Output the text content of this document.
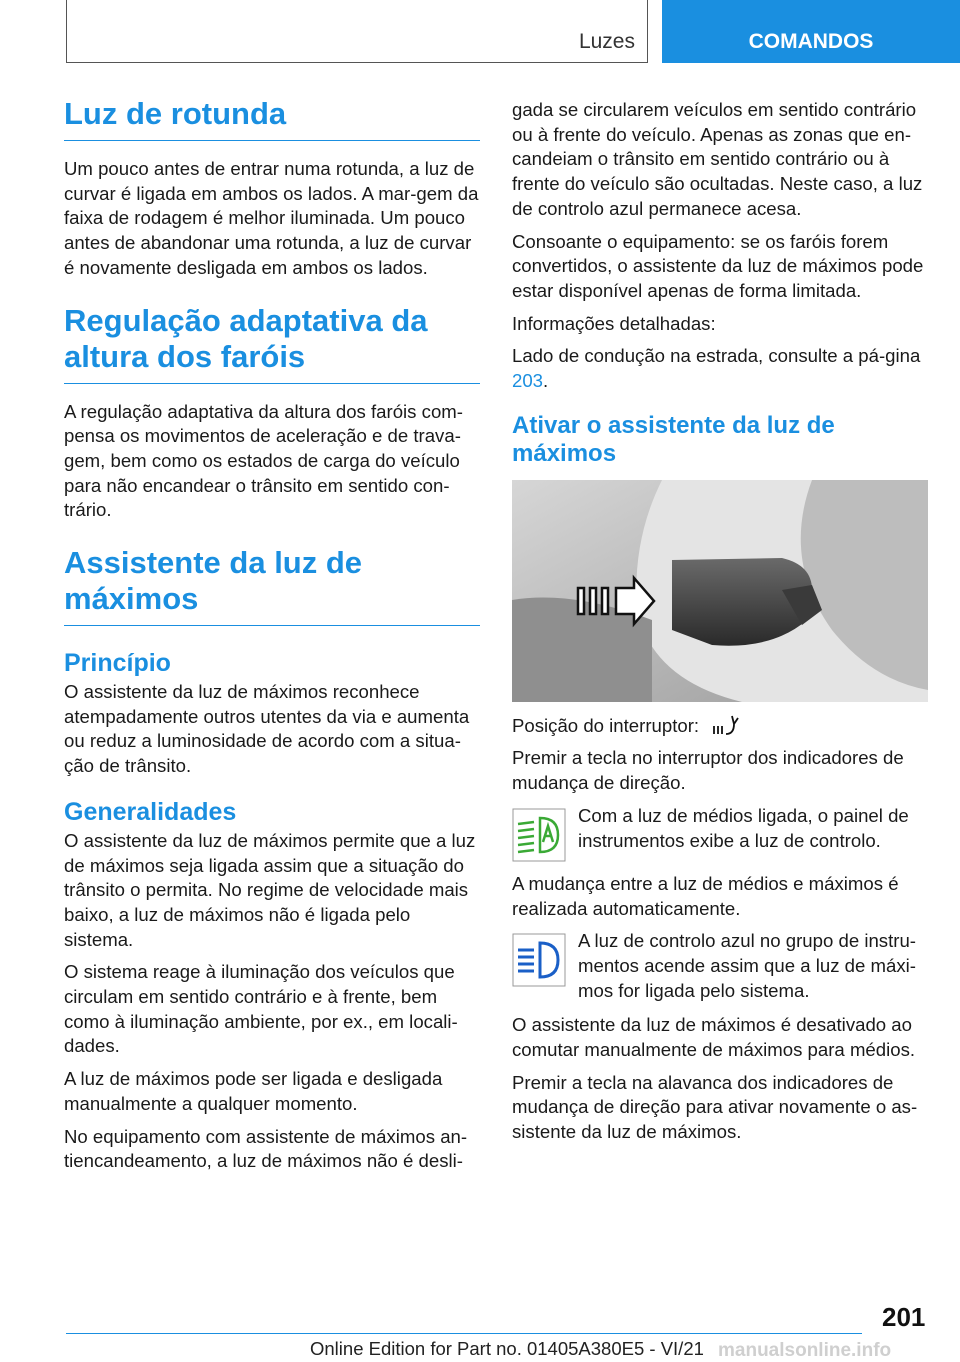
Luzes	COMANDOS
Luz de rotunda

Um pouco antes de entrar numa rotunda, a luz de curvar é ligada em ambos os lados. A mar-gem da faixa de rodagem é melhor iluminada. Um pouco antes de abandonar uma rotunda, a luz de curvar é novamente desligada em ambos os lados.

Regulação adaptativa da altura dos faróis

A regulação adaptativa da altura dos faróis com-pensa os movimentos de aceleração e de trava-gem, bem como os estados de carga do veículo para não encandear o trânsito em sentido con-trário.

Assistente da luz de máximos
Princípio

O assistente da luz de máximos reconhece atempadamente outros utentes da via e aumenta ou reduz a luminosidade de acordo com a situa-ção de trânsito.

Generalidades

O assistente da luz de máximos permite que a luz de máximos seja ligada assim que a situação do trânsito o permita. No regime de velocidade mais baixo, a luz de máximos não é ligada pelo sistema.

O sistema reage à iluminação dos veículos que circulam em sentido contrário e à frente, bem como à iluminação ambiente, por ex., em locali-dades.

A luz de máximos pode ser ligada e desligada manualmente a qualquer momento.

No equipamento com assistente de máximos an-tiencandeamento, a luz de máximos não é desli-

gada se circularem veículos em sentido contrário ou à frente do veículo. Apenas as zonas que en-candeiam o trânsito em sentido contrário ou à frente do veículo são ocultadas. Neste caso, a luz de controlo azul permanece acesa.

Consoante o equipamento: se os faróis forem convertidos, o assistente da luz de máximos pode estar disponível apenas de forma limitada.

Informações detalhadas:

Lado de condução na estrada, consulte a pá-gina 203.

Ativar o assistente da luz de máximos

Posição do interruptor:

Premir a tecla no interruptor dos indicadores de mudança de direção.

Com a luz de médios ligada, o painel de instrumentos exibe a luz de controlo.

A mudança entre a luz de médios e máximos é realizada automaticamente.

A luz de controlo azul no grupo de instru-mentos acende assim que a luz de máxi-mos for ligada pelo sistema.

O assistente da luz de máximos é desativado ao comutar manualmente de máximos para médios.

Premir a tecla na alavanca dos indicadores de mudança de direção para ativar novamente o as-sistente da luz de máximos.

201
Online Edition for Part no. 01405A380E5 - VI/21 manualsonline.info
